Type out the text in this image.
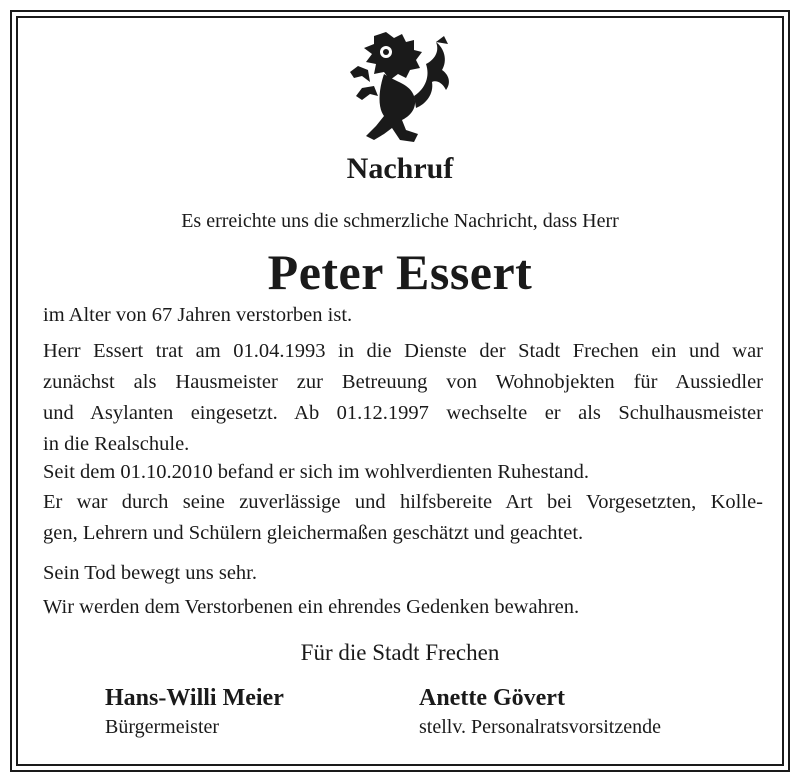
Nachruf
Es erreichte uns die schmerzliche Nachricht, dass Herr
Peter Essert
im Alter von 67 Jahren verstorben ist.
Herr Essert trat am 01.04.1993 in die Dienste der Stadt Frechen ein und war
zunächst als Hausmeister zur Betreuung von Wohnobjekten für Aussiedler
und Asylanten eingesetzt. Ab 01.12.1997 wechselte er als Schulhausmeister
in die Realschule.
Seit dem 01.10.2010 befand er sich im wohlverdienten Ruhestand.
Er war durch seine zuverlässige und hilfsbereite Art bei Vorgesetzten, Kolle-
gen, Lehrern und Schülern gleichermaßen geschätzt und geachtet.
Sein Tod bewegt uns sehr.
Wir werden dem Verstorbenen ein ehrendes Gedenken bewahren.
Für die Stadt Frechen
Hans-Willi Meier
Bürgermeister
Anette Gövert
stellv. Personalratsvorsitzende
